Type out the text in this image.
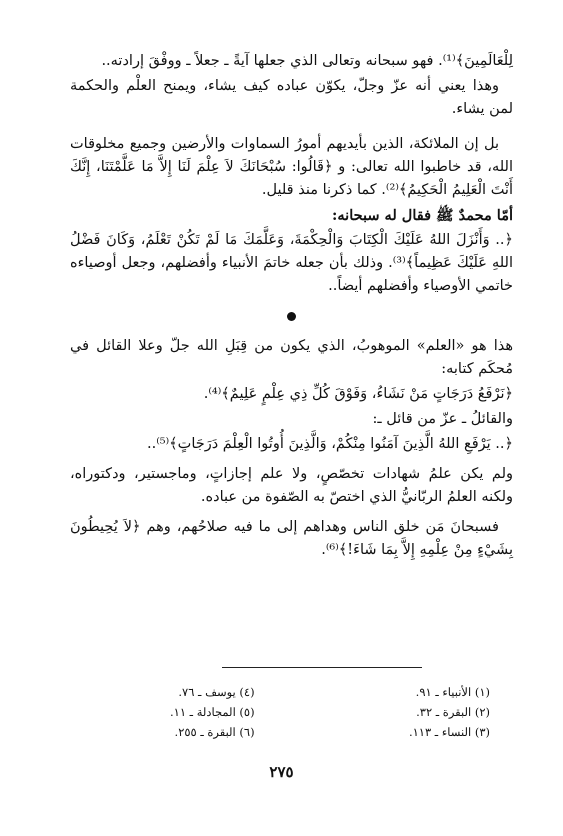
لِلْعَالَمِينَ﴾⁽¹⁾. فهو سبحانه وتعالى الذي جعلها آيةً ـ جعلاً ـ ووفْقَ إرادته..

وهذا يعني أنه عزّ وجلّ، يكوّن عباده كيف يشاء، ويمنح العلْم والحكمة لمن يشاء.

بل إن الملائكة، الذين بأيديهم أمورُ السماوات والأرضين وجميع مخلوقات الله، قد خاطبوا الله تعالى: و ﴿قَالُوا: سُبْحَانَكَ لاَ عِلْمَ لَنَا إِلاَّ مَا عَلَّمْتَنَا، إِنَّكَ أَنْتَ الْعَلِيمُ الْحَكِيمُ﴾⁽²⁾. كما ذكرنا منذ قليل.

أمّا محمدٌ ﷺ فقال له سبحانه:

﴿.. وَأَنْزَلَ اللهُ عَلَيْكَ الْكِتَابَ وَالْحِكْمَةَ، وَعَلَّمَكَ مَا لَمْ تَكُنْ تَعْلَمُ، وَكَانَ فَضْلُ اللهِ عَلَيْكَ عَظِيماً﴾⁽³⁾. وذلك بأن جعله خاتمَ الأنبياء وأفضلهم، وجعل أوصياءه خاتمي الأوصياء وأفضلهم أيضاً..

هذا هو «العلم» الموهوبُ، الذي يكون من قِبَلِ الله جلّ وعلا القائل في مُحكَم كتابه:

﴿نَرْفَعُ دَرَجَاتٍ مَنْ نَشَاءُ، وَفَوْقَ كُلِّ ذِي عِلْمٍ عَلِيمٌ﴾⁽⁴⁾.

والقائلُ ـ عزّ من قائل ـ:

﴿.. يَرْفَعِ اللهُ الَّذِينَ آمَنُوا مِنْكُمْ، وَالَّذِينَ أُوتُوا الْعِلْمَ دَرَجَاتٍ﴾⁽⁵⁾..

ولم يكن علمُ شهادات تخصّصٍ، ولا علم إجازاتٍ، وماجستير، ودكتوراه، ولكنه العلمُ الربّانيُّ الذي اختصّ به الصّفوة من عباده.

فسبحانَ مَن خلق الناس وهداهم إلى ما فيه صلاحُهم، وهم ﴿لاَ يُحِيطُونَ بِشَيْءٍ مِنْ عِلْمِهِ إِلاَّ بِمَا شَاءَ!﴾⁽⁶⁾.

(١) الأنبياء ـ ٩١.
(٢) البقرة ـ ٣٢.
(٣) النساء ـ ١١٣.
(٤) يوسف ـ ٧٦.
(٥) المجادلة ـ ١١.
(٦) البقرة ـ ٢٥٥.
٢٧٥
